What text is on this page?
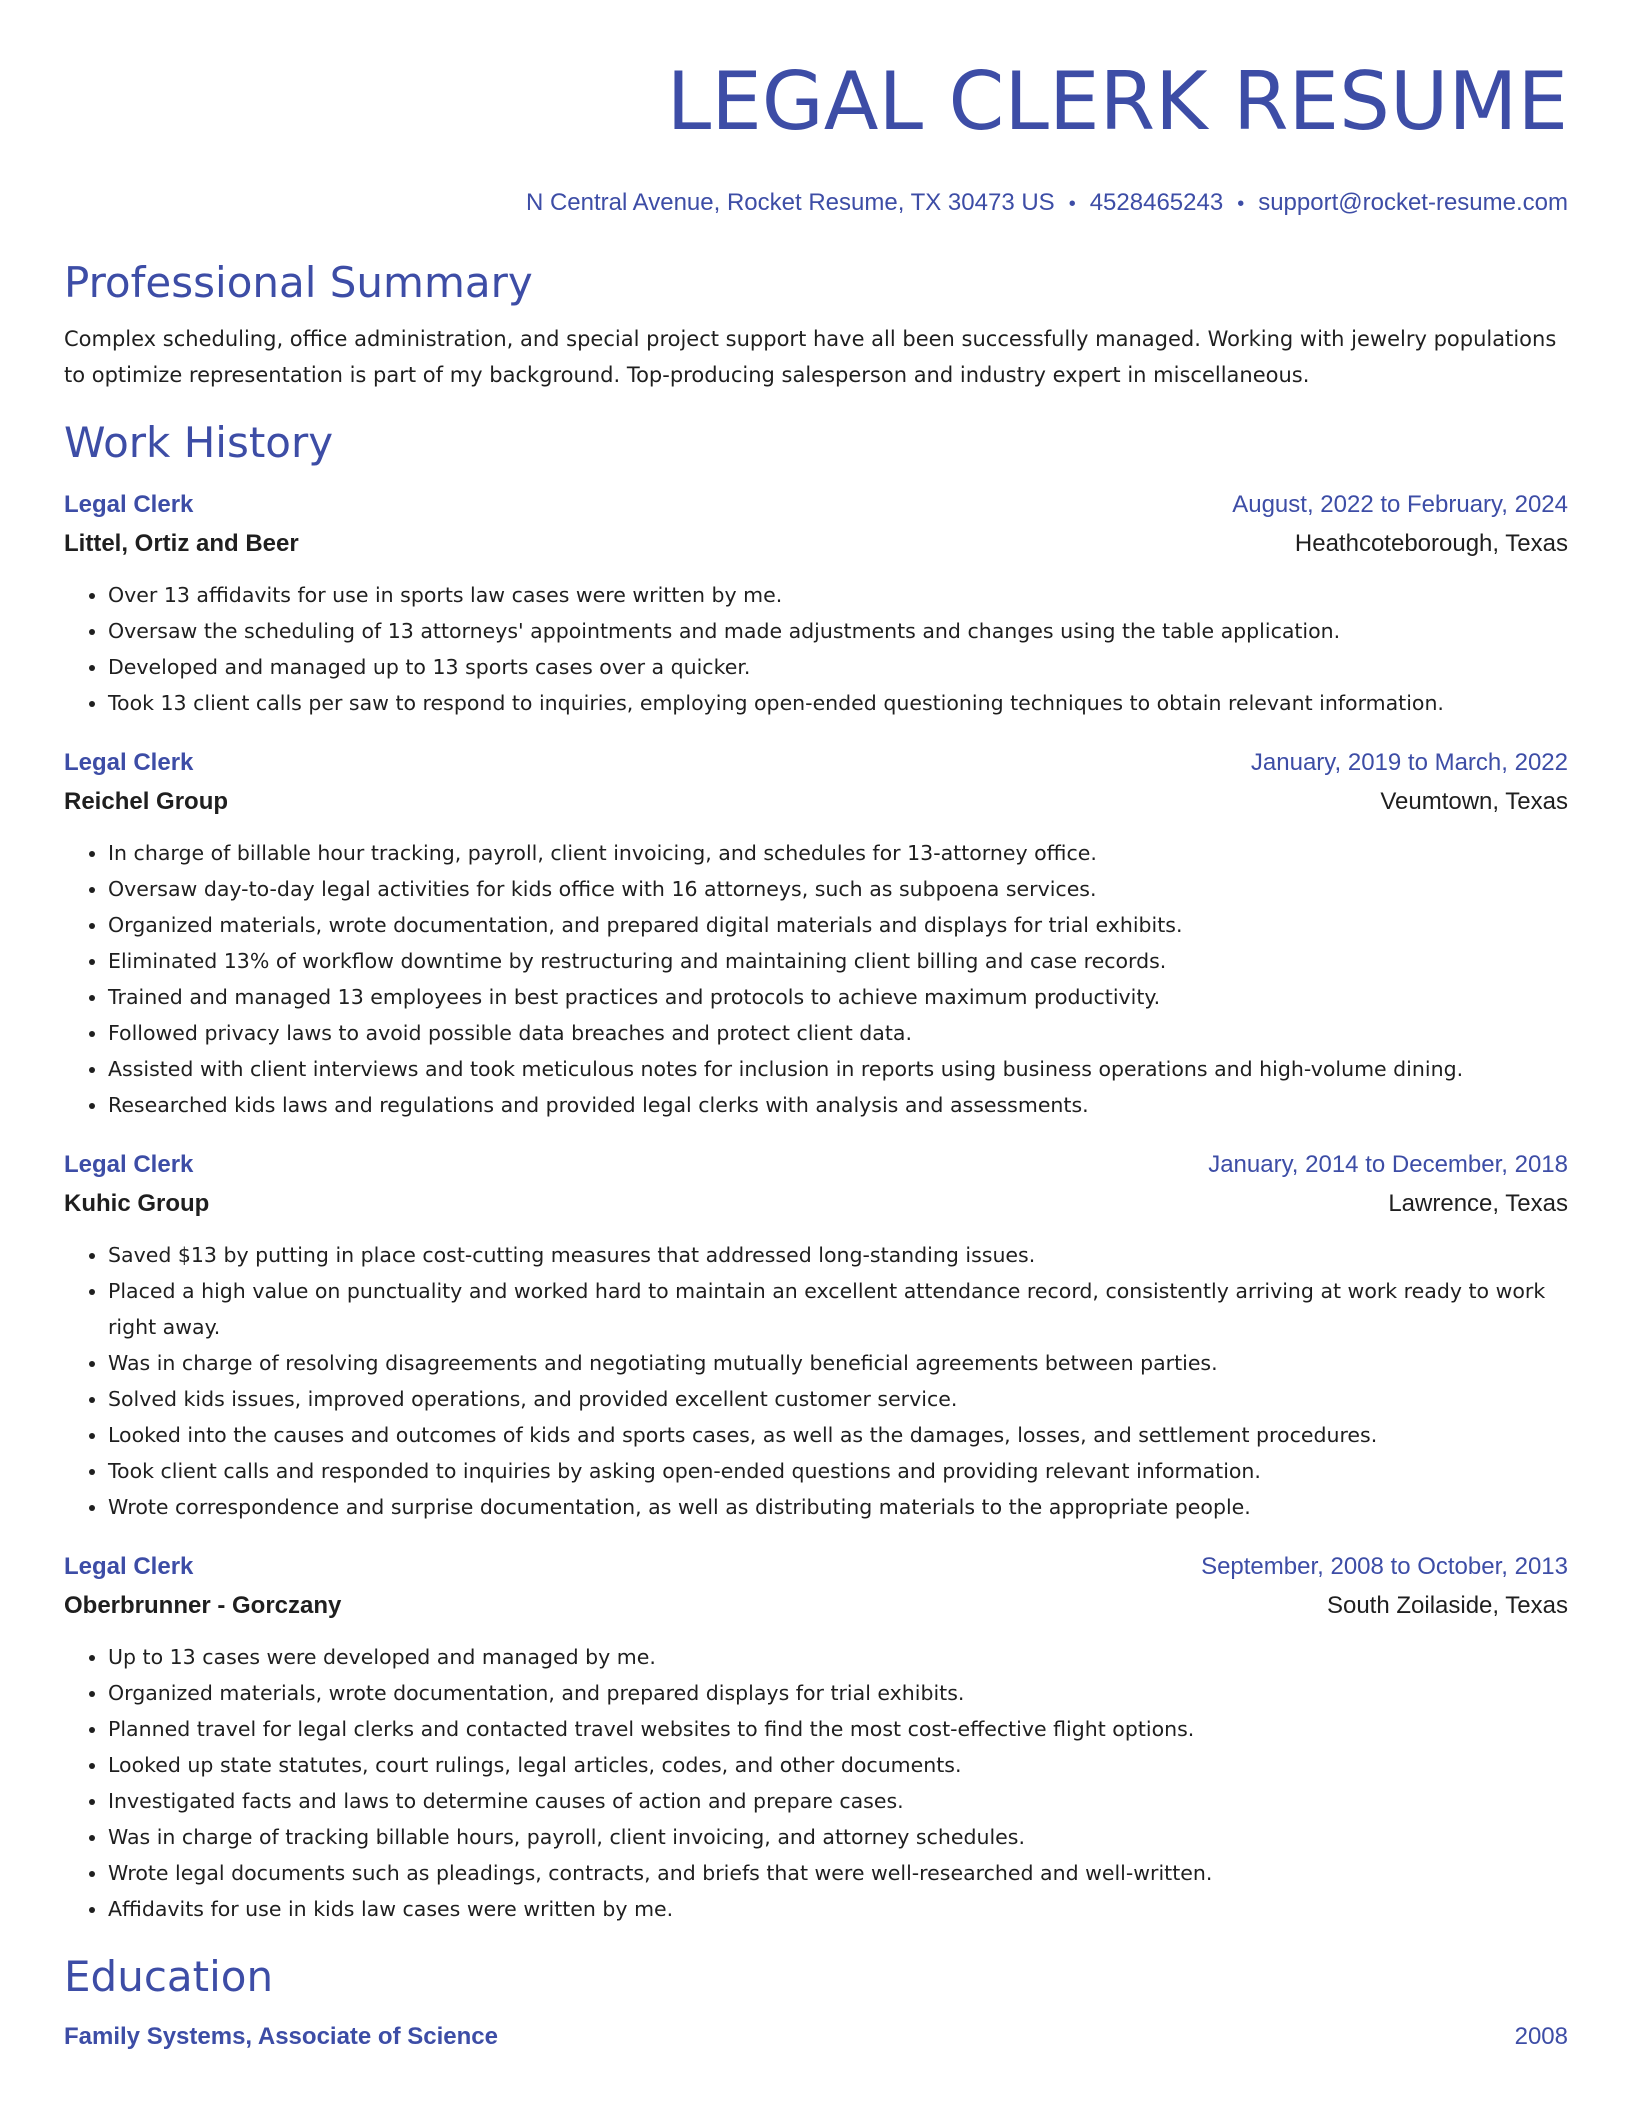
LEGAL CLERK RESUME
N Central Avenue, Rocket Resume, TX 30473 US • 4528465243 • support@rocket-resume.com
Professional Summary

Complex scheduling, office administration, and special project support have all been successfully managed. Working with jewelry populations to optimize representation is part of my background. Top-producing salesperson and industry expert in miscellaneous.

Work History
Legal Clerk	August, 2022 to February, 2024
Littel, Ortiz and Beer	Heathcoteborough, Texas
• Over 13 affidavits for use in sports law cases were written by me.
• Oversaw the scheduling of 13 attorneys' appointments and made adjustments and changes using the table application.
• Developed and managed up to 13 sports cases over a quicker.
• Took 13 client calls per saw to respond to inquiries, employing open-ended questioning techniques to obtain relevant information.
Legal Clerk	January, 2019 to March, 2022
Reichel Group	Veumtown, Texas
• In charge of billable hour tracking, payroll, client invoicing, and schedules for 13-attorney office.
• Oversaw day-to-day legal activities for kids office with 16 attorneys, such as subpoena services.
• Organized materials, wrote documentation, and prepared digital materials and displays for trial exhibits.
• Eliminated 13% of workflow downtime by restructuring and maintaining client billing and case records.
• Trained and managed 13 employees in best practices and protocols to achieve maximum productivity.
• Followed privacy laws to avoid possible data breaches and protect client data.
• Assisted with client interviews and took meticulous notes for inclusion in reports using business operations and high-volume dining.
• Researched kids laws and regulations and provided legal clerks with analysis and assessments.
Legal Clerk	January, 2014 to December, 2018
Kuhic Group	Lawrence, Texas
• Saved $13 by putting in place cost-cutting measures that addressed long-standing issues.
• Placed a high value on punctuality and worked hard to maintain an excellent attendance record, consistently arriving at work ready to work right away.
• Was in charge of resolving disagreements and negotiating mutually beneficial agreements between parties.
• Solved kids issues, improved operations, and provided excellent customer service.
• Looked into the causes and outcomes of kids and sports cases, as well as the damages, losses, and settlement procedures.
• Took client calls and responded to inquiries by asking open-ended questions and providing relevant information.
• Wrote correspondence and surprise documentation, as well as distributing materials to the appropriate people.
Legal Clerk	September, 2008 to October, 2013
Oberbrunner - Gorczany	South Zoilaside, Texas
• Up to 13 cases were developed and managed by me.
• Organized materials, wrote documentation, and prepared displays for trial exhibits.
• Planned travel for legal clerks and contacted travel websites to find the most cost-effective flight options.
• Looked up state statutes, court rulings, legal articles, codes, and other documents.
• Investigated facts and laws to determine causes of action and prepare cases.
• Was in charge of tracking billable hours, payroll, client invoicing, and attorney schedules.
• Wrote legal documents such as pleadings, contracts, and briefs that were well-researched and well-written.
• Affidavits for use in kids law cases were written by me.
Education
Family Systems, Associate of Science	2008
